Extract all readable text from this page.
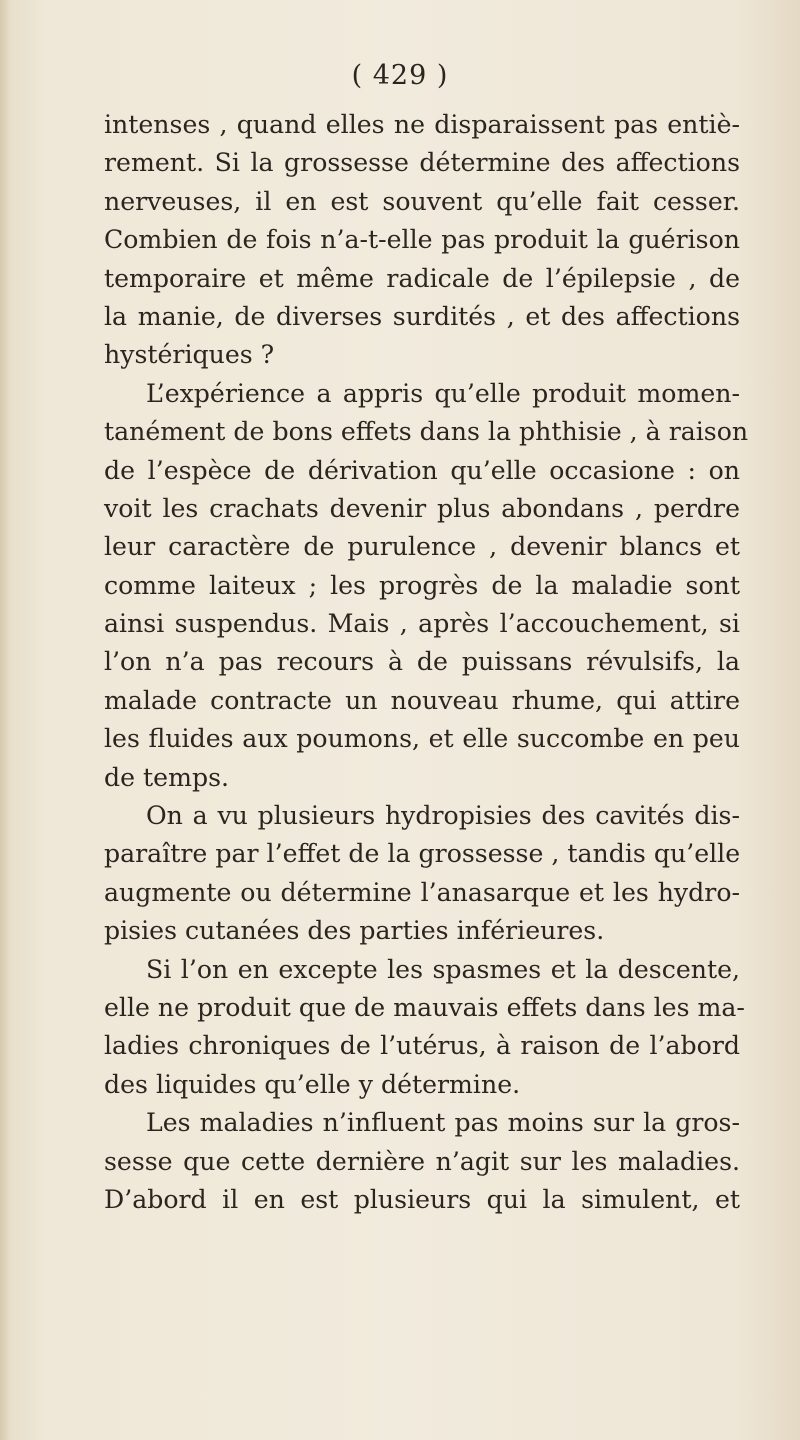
( 429 )
intenses , quand elles ne disparaissent pas entiè-
rement. Si la grossesse détermine des affections
nerveuses, il en est souvent qu’elle fait cesser.
Combien de fois n’a-t-elle pas produit la guérison
temporaire et même radicale de l’épilepsie , de
la manie, de diverses surdités , et des affections
hystériques ?
L’expérience a appris qu’elle produit momen-
tanément de bons effets dans la phthisie , à raison
de l’espèce de dérivation qu’elle occasione : on
voit les crachats devenir plus abondans , perdre
leur caractère de purulence , devenir blancs et
comme laiteux ; les progrès de la maladie sont
ainsi suspendus. Mais , après l’accouchement, si
l’on n’a pas recours à de puissans révulsifs, la
malade contracte un nouveau rhume, qui attire
les fluides aux poumons, et elle succombe en peu
de temps.
On a vu plusieurs hydropisies des cavités dis-
paraître par l’effet de la grossesse , tandis qu’elle
augmente ou détermine l’anasarque et les hydro-
pisies cutanées des parties inférieures.
Si l’on en excepte les spasmes et la descente,
elle ne produit que de mauvais effets dans les ma-
ladies chroniques de l’utérus, à raison de l’abord
des liquides qu’elle y détermine.
Les maladies n’influent pas moins sur la gros-
sesse que cette dernière n’agit sur les maladies.
D’abord il en est plusieurs qui la simulent, et
